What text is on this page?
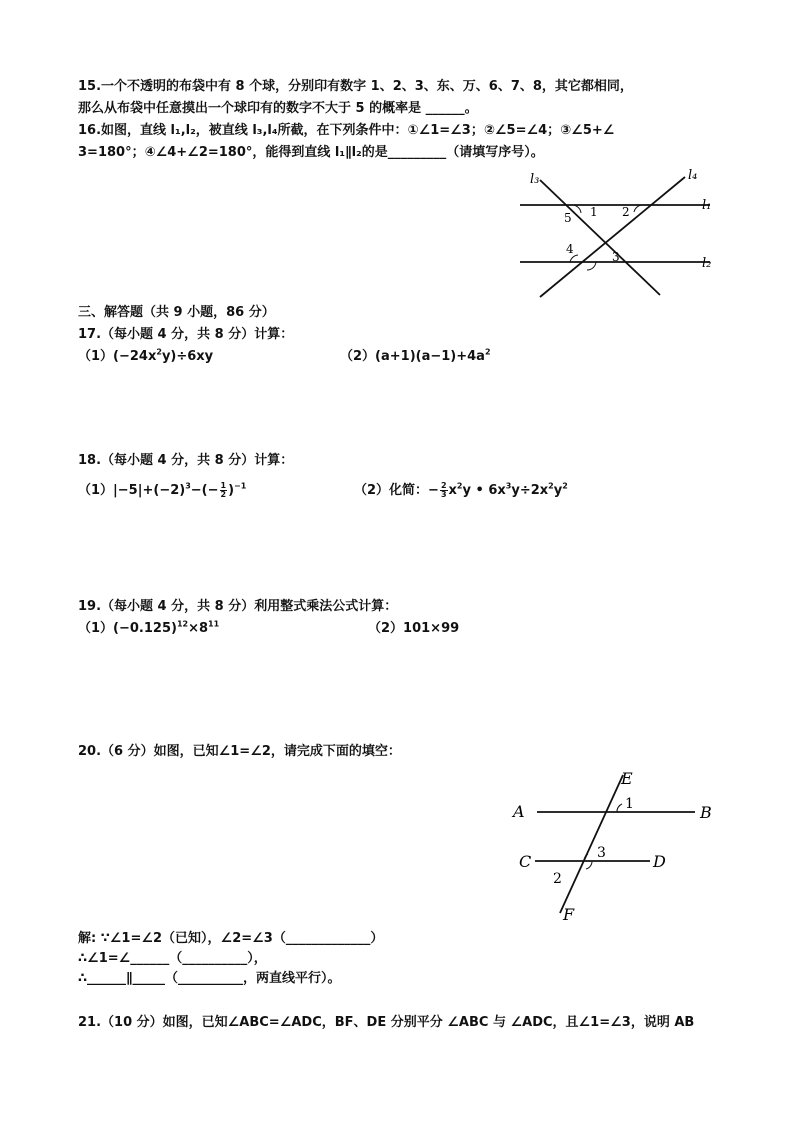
15.一个不透明的布袋中有 8 个球，分别印有数字 1、2、3、东、万、6、7、8，其它都相同，
那么从布袋中任意摸出一个球印有的数字不大于 5 的概率是 ______。
16.如图，直线 l₁,l₂，被直线 l₃,l₄所截，在下列条件中：①∠1=∠3；②∠5=∠4；③∠5+∠
3=180°；④∠4+∠2=180°，能得到直线 l₁∥l₂的是_________（请填写序号）。
l₃	l₄
l₁
l₂
5 1 2
4
3
三、解答题（共 9 小题，86 分）
17.（每小题 4 分，共 8 分）计算：
$(1)(-24x^2y)\div 6xy$	$(2)(a+1)(a-1)+4a^2$
18.（每小题 4 分，共 8 分）计算：
$(1)|-5|+(-2)^3-(- \frac{1}{2} )^{-1}$	（2）化简：− $\frac{2}{3} x^2y$ • $6x^3y\div 2x^2y^2$
19.（每小题 4 分，共 8 分）利用整式乘法公式计算：
$(1)(-0.125)^{12}\times 8^{11}$	（2）101×99
20.（6 分）如图，已知∠1=∠2，请完成下面的填空：
E
A	B
C	D
F
1
3
2
解: ∵∠1=∠2（已知），∠2=∠3（_____________）
∴∠1=∠______（__________），
∴______∥_____（__________，两直线平行）。
21.（10 分）如图，已知∠ABC=∠ADC，BF、DE 分别平分 ∠ABC 与 ∠ADC，且∠1=∠3，说明 AB
